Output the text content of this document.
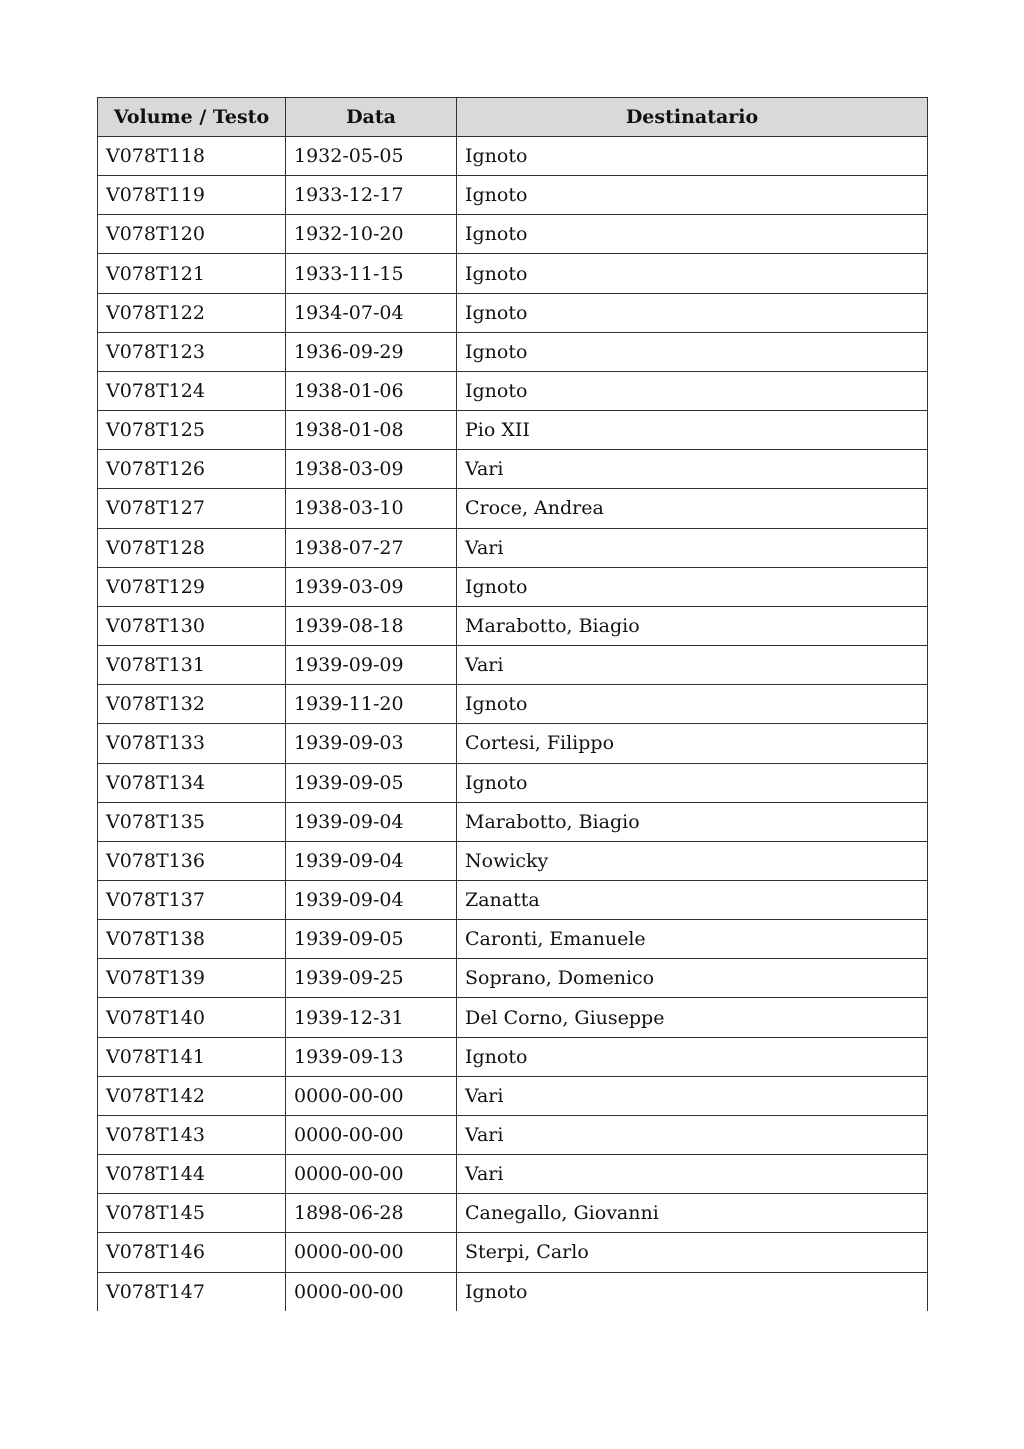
Volume / Testo	Data	Destinatario
V078T118	1932-05-05	Ignoto
V078T119	1933-12-17	Ignoto
V078T120	1932-10-20	Ignoto
V078T121	1933-11-15	Ignoto
V078T122	1934-07-04	Ignoto
V078T123	1936-09-29	Ignoto
V078T124	1938-01-06	Ignoto
V078T125	1938-01-08	Pio XII
V078T126	1938-03-09	Vari
V078T127	1938-03-10	Croce, Andrea
V078T128	1938-07-27	Vari
V078T129	1939-03-09	Ignoto
V078T130	1939-08-18	Marabotto, Biagio
V078T131	1939-09-09	Vari
V078T132	1939-11-20	Ignoto
V078T133	1939-09-03	Cortesi, Filippo
V078T134	1939-09-05	Ignoto
V078T135	1939-09-04	Marabotto, Biagio
V078T136	1939-09-04	Nowicky
V078T137	1939-09-04	Zanatta
V078T138	1939-09-05	Caronti, Emanuele
V078T139	1939-09-25	Soprano, Domenico
V078T140	1939-12-31	Del Corno, Giuseppe
V078T141	1939-09-13	Ignoto
V078T142	0000-00-00	Vari
V078T143	0000-00-00	Vari
V078T144	0000-00-00	Vari
V078T145	1898-06-28	Canegallo, Giovanni
V078T146	0000-00-00	Sterpi, Carlo
V078T147	0000-00-00	Ignoto
